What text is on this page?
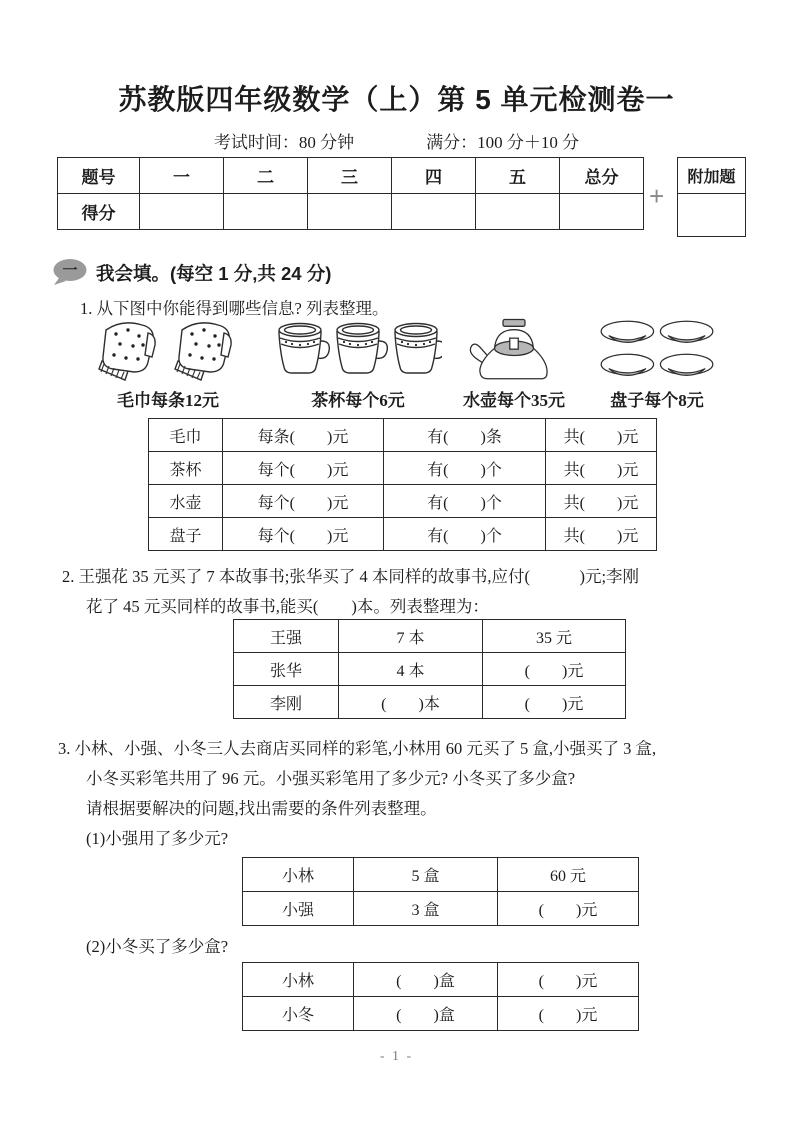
苏教版四年级数学（上）第 5 单元检测卷一
考试时间：80 分钟	满分：100 分＋10 分
题号	一	二	三	四	五	总分
得分						
+
附加题

一 我会填。(每空 1 分,共 24 分)
1. 从下图中你能得到哪些信息? 列表整理。
毛巾每条12元	茶杯每个6元	水壶每个35元	盘子每个8元
毛巾	每条(  )元	有(  )条	共(  )元
茶杯	每个(  )元	有(  )个	共(  )元
水壶	每个(  )元	有(  )个	共(  )元
盘子	每个(  )元	有(  )个	共(  )元
2. 王强花 35 元买了 7 本故事书;张华买了 4 本同样的故事书,应付(   )元;李刚
花了 45 元买同样的故事书,能买(  )本。列表整理为：
王强	7 本	35 元
张华	4 本	(  )元
李刚	(  )本	(  )元
3. 小林、小强、小冬三人去商店买同样的彩笔,小林用 60 元买了 5 盒,小强买了 3 盒,
小冬买彩笔共用了 96 元。小强买彩笔用了多少元? 小冬买了多少盒?
请根据要解决的问题,找出需要的条件列表整理。
(1)小强用了多少元?
小林	5 盒	60 元
小强	3 盒	(  )元
(2)小冬买了多少盒?
小林	(  )盒	(  )元
小冬	(  )盒	(  )元
- 1 -
